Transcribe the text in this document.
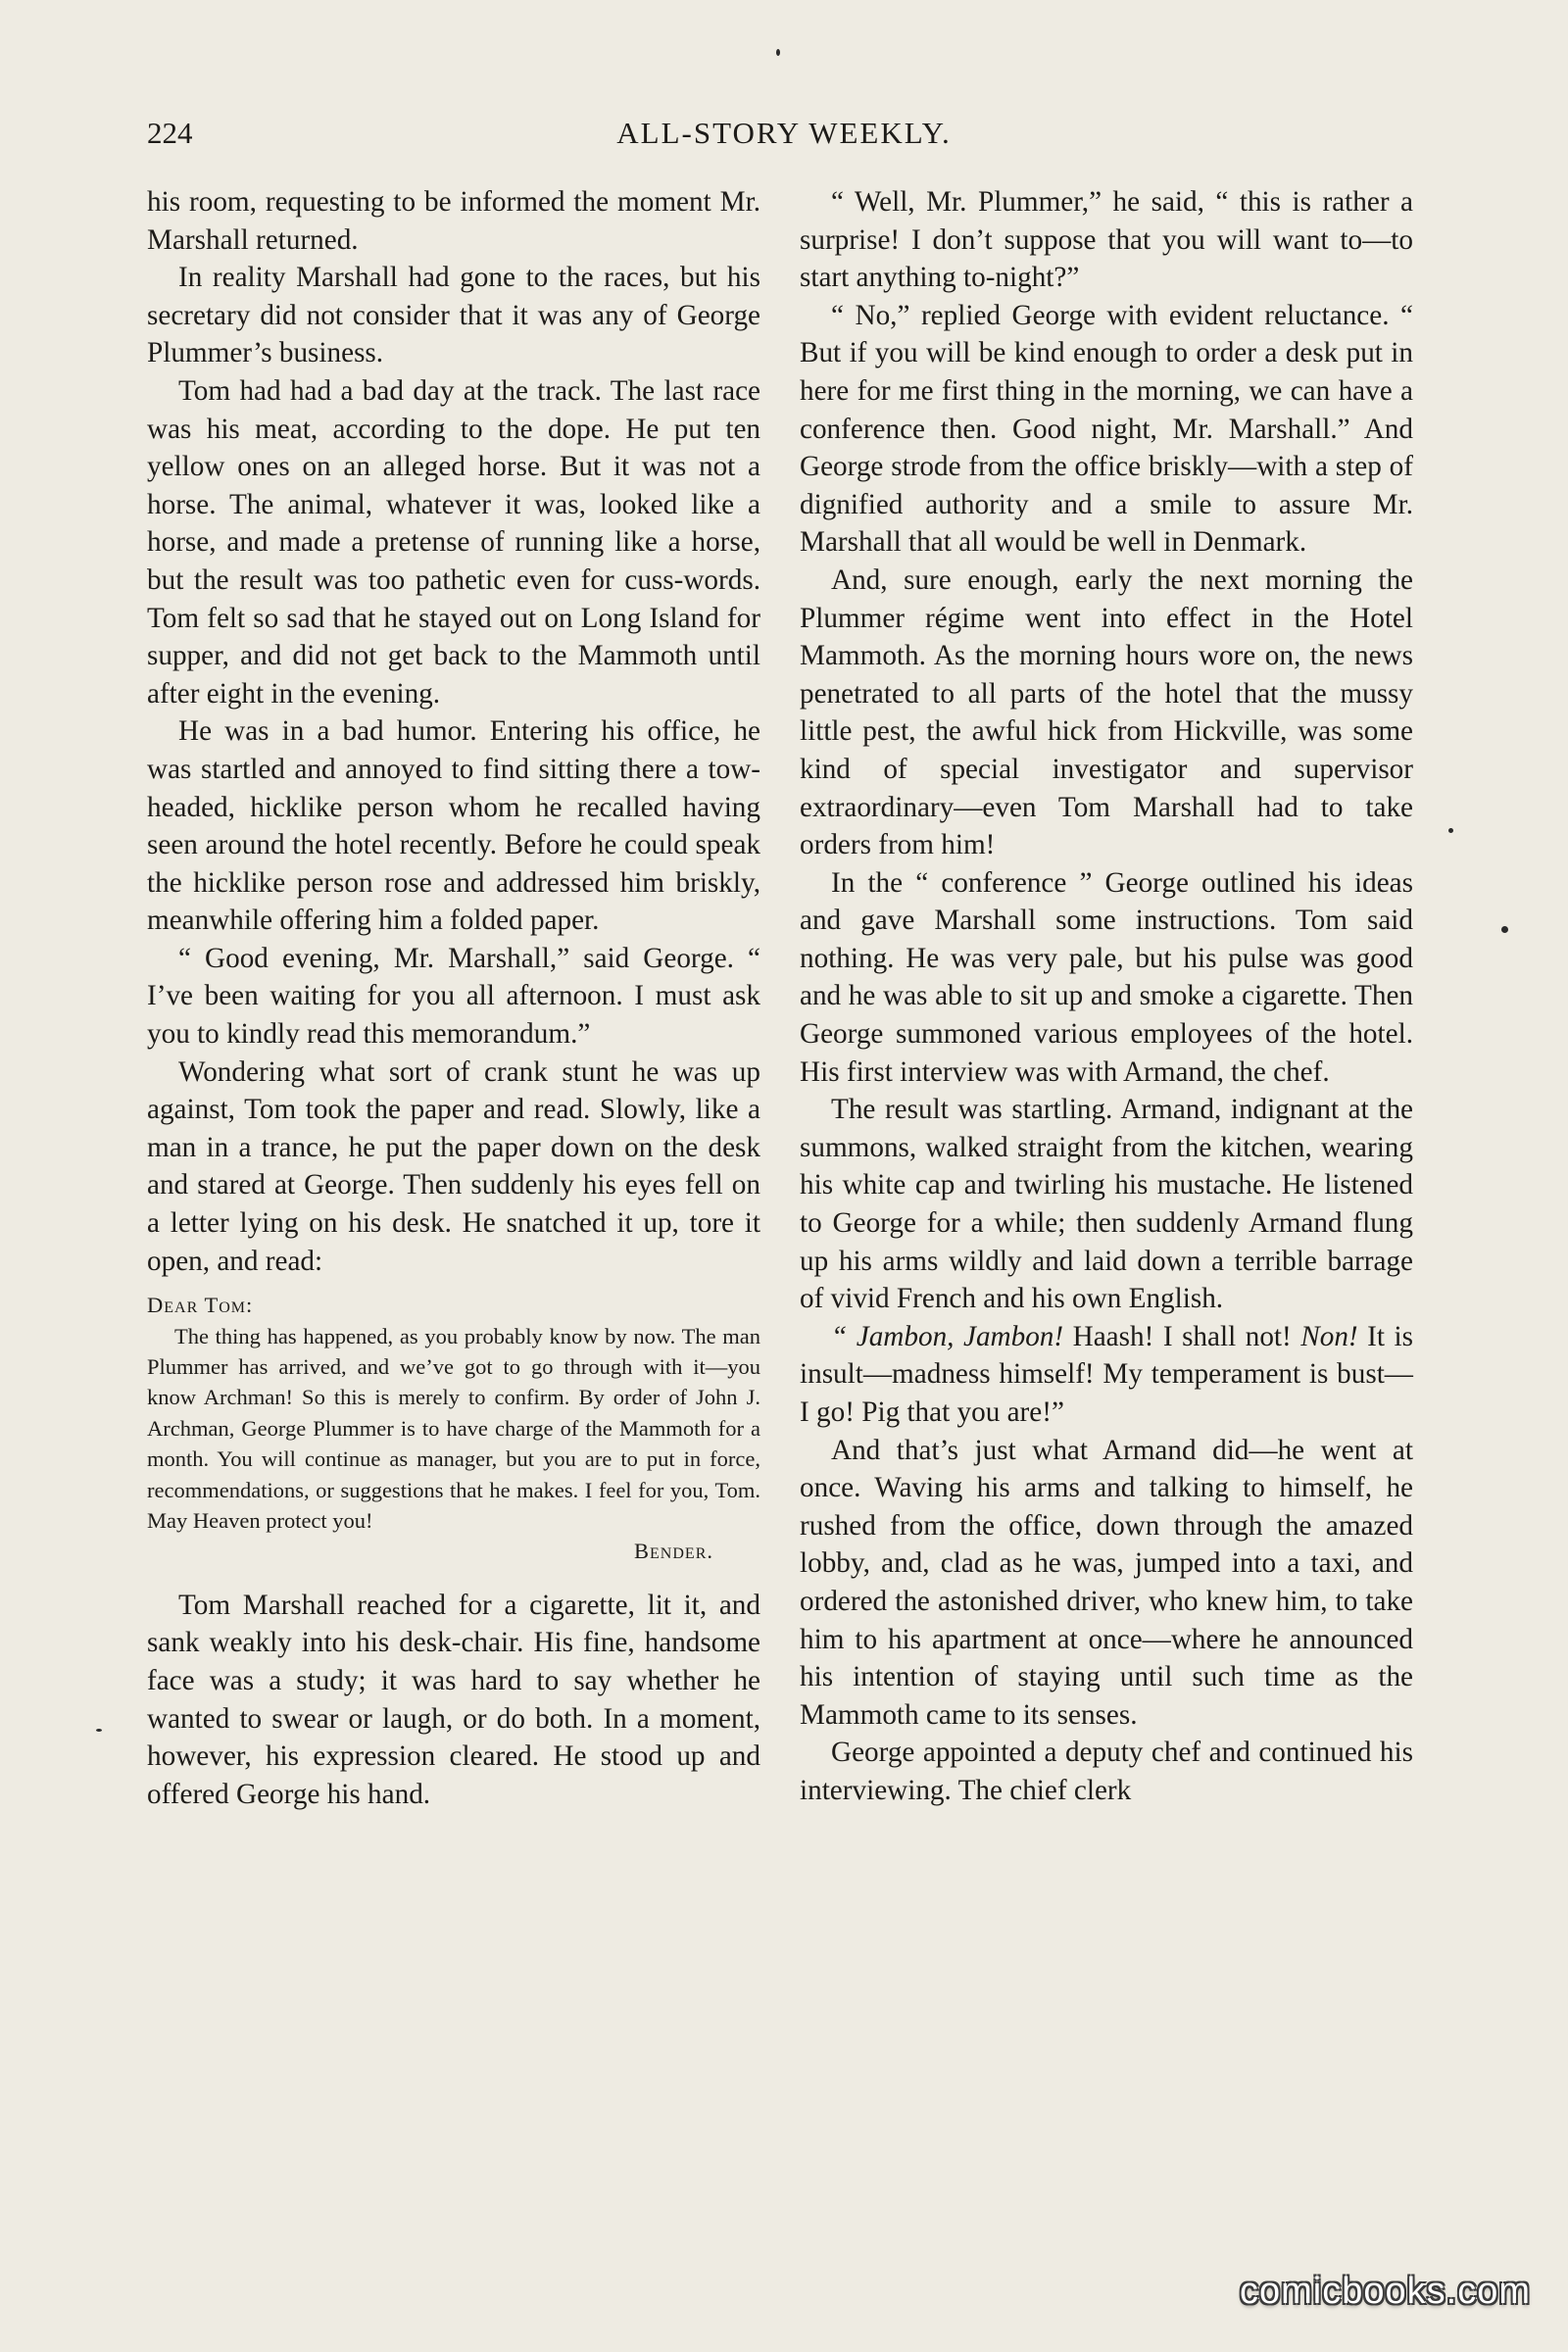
224	ALL-STORY WEEKLY.

his room, requesting to be informed the moment Mr. Marshall returned.

In reality Marshall had gone to the races, but his secretary did not consider that it was any of George Plummer’s business.

Tom had had a bad day at the track. The last race was his meat, according to the dope. He put ten yellow ones on an alleged horse. But it was not a horse. The animal, whatever it was, looked like a horse, and made a pretense of running like a horse, but the result was too pathetic even for cuss-words. Tom felt so sad that he stayed out on Long Island for supper, and did not get back to the Mammoth until after eight in the evening.

He was in a bad humor. Entering his office, he was startled and annoyed to find sitting there a tow-headed, hicklike person whom he recalled having seen around the hotel recently. Before he could speak the hicklike person rose and addressed him briskly, meanwhile offering him a folded paper.

“ Good evening, Mr. Marshall,” said George. “ I’ve been waiting for you all afternoon. I must ask you to kindly read this memorandum.”

Wondering what sort of crank stunt he was up against, Tom took the paper and read. Slowly, like a man in a trance, he put the paper down on the desk and stared at George. Then suddenly his eyes fell on a letter lying on his desk. He snatched it up, tore it open, and read:

Dear Tom:

The thing has happened, as you probably know by now. The man Plummer has arrived, and we’ve got to go through with it—you know Archman! So this is merely to confirm. By order of John J. Archman, George Plummer is to have charge of the Mammoth for a month. You will continue as manager, but you are to put in force, recommendations, or suggestions that he makes. I feel for you, Tom. May Heaven protect you!

Bender.

Tom Marshall reached for a cigarette, lit it, and sank weakly into his desk-chair. His fine, handsome face was a study; it was hard to say whether he wanted to swear or laugh, or do both. In a moment, however, his expression cleared. He stood up and offered George his hand.

“ Well, Mr. Plummer,” he said, “ this is rather a surprise! I don’t suppose that you will want to—to start anything to-night?”

“ No,” replied George with evident reluctance. “ But if you will be kind enough to order a desk put in here for me first thing in the morning, we can have a conference then. Good night, Mr. Marshall.” And George strode from the office briskly—with a step of dignified authority and a smile to assure Mr. Marshall that all would be well in Denmark.

And, sure enough, early the next morning the Plummer régime went into effect in the Hotel Mammoth. As the morning hours wore on, the news penetrated to all parts of the hotel that the mussy little pest, the awful hick from Hickville, was some kind of special investigator and supervisor extraordinary—even Tom Marshall had to take orders from him!

In the “ conference ” George outlined his ideas and gave Marshall some instructions. Tom said nothing. He was very pale, but his pulse was good and he was able to sit up and smoke a cigarette. Then George summoned various employees of the hotel. His first interview was with Armand, the chef.

The result was startling. Armand, indignant at the summons, walked straight from the kitchen, wearing his white cap and twirling his mustache. He listened to George for a while; then suddenly Armand flung up his arms wildly and laid down a terrible barrage of vivid French and his own English.

“ Jambon, Jambon! Haash! I shall not! Non! It is insult—madness himself! My temperament is bust—I go! Pig that you are!”

And that’s just what Armand did—he went at once. Waving his arms and talking to himself, he rushed from the office, down through the amazed lobby, and, clad as he was, jumped into a taxi, and ordered the astonished driver, who knew him, to take him to his apartment at once—where he announced his intention of staying until such time as the Mammoth came to its senses.

George appointed a deputy chef and continued his interviewing. The chief clerk

comicbooks.com
